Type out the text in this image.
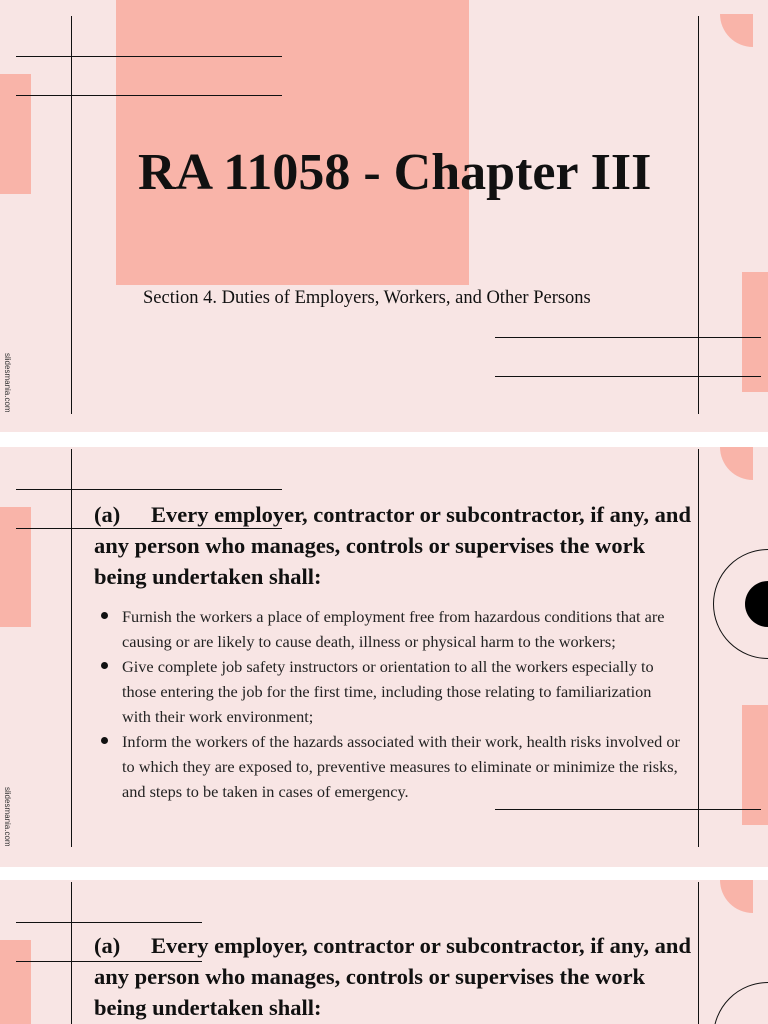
slidesmania.com
RA 11058 - Chapter III

Section 4. Duties of Employers, Workers, and Other Persons

slidesmania.com
(a) Every employer, contractor or subcontractor, if any, and any person who manages, controls or supervises the work being undertaken shall:
Furnish the workers a place of employment free from hazardous conditions that are causing or are likely to cause death, illness or physical harm to the workers;
Give complete job safety instructors or orientation to all the workers especially to those entering the job for the first time, including those relating to familiarization with their work environment;
Inform the workers of the hazards associated with their work, health risks involved or to which they are exposed to, preventive measures to eliminate or minimize the risks, and steps to be taken in cases of emergency.
(a) Every employer, contractor or subcontractor, if any, and any person who manages, controls or supervises the work being undertaken shall:
